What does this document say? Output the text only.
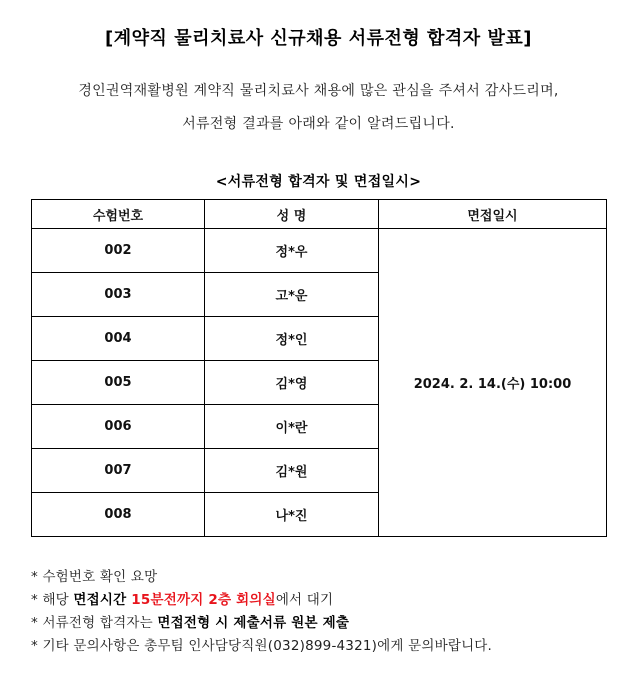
[계약직 물리치료사 신규채용 서류전형 합격자 발표]
경인권역재활병원 계약직 물리치료사 채용에 많은 관심을 주셔서 감사드리며,
서류전형 결과를 아래와 같이 알려드립니다.
<서류전형 합격자 및 면접일시>
수험번호	성 명	면접일시
002	정*우	2024. 2. 14.(수) 10:00
003	고*운	
004	정*인	
005	김*영	
006	이*란	
007	김*원	
008	나*진	
* 수험번호 확인 요망
* 해당 면접시간 15분전까지 2층 회의실에서 대기
* 서류전형 합격자는 면접전형 시 제출서류 원본 제출
* 기타 문의사항은 총무팀 인사담당직원(032)899-4321)에게 문의바랍니다.
